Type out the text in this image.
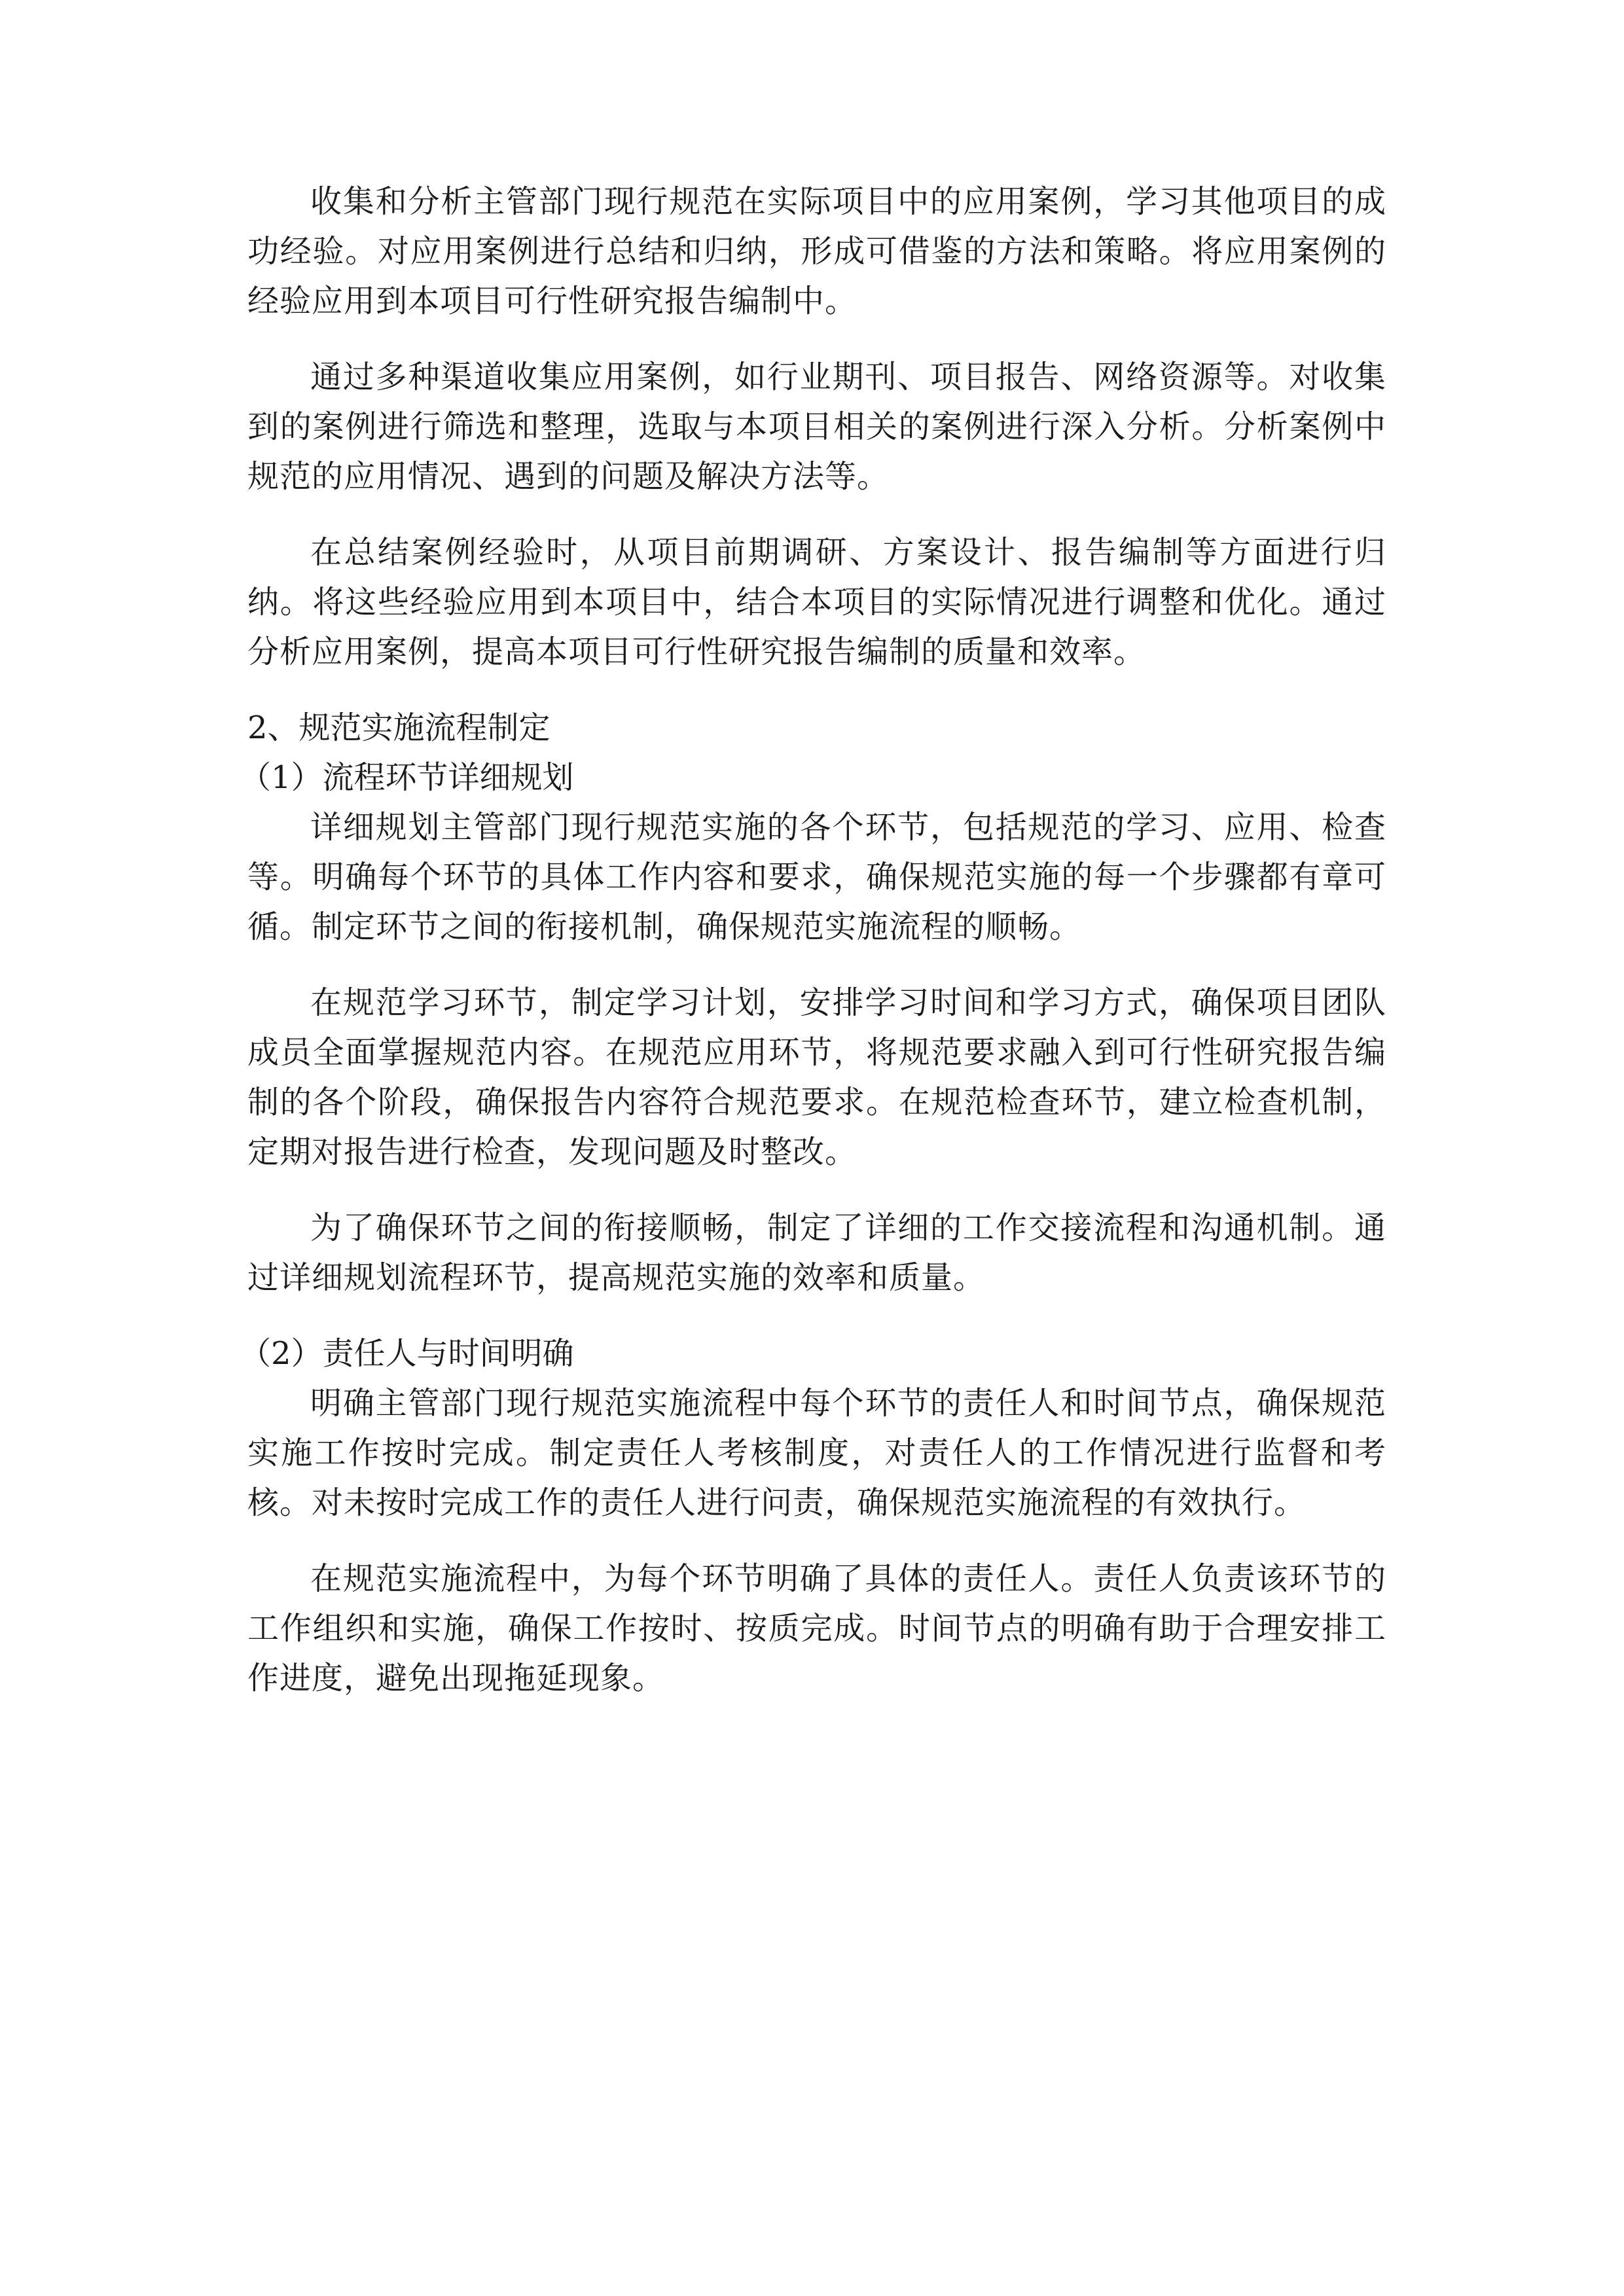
收集和分析主管部门现行规范在实际项目中的应用案例，学习其他项目的成功经验。对应用案例进行总结和归纳，形成可借鉴的方法和策略。将应用案例的经验应用到本项目可行性研究报告编制中。

通过多种渠道收集应用案例，如行业期刊、项目报告、网络资源等。对收集到的案例进行筛选和整理，选取与本项目相关的案例进行深入分析。分析案例中规范的应用情况、遇到的问题及解决方法等。

在总结案例经验时，从项目前期调研、方案设计、报告编制等方面进行归纳。将这些经验应用到本项目中，结合本项目的实际情况进行调整和优化。通过分析应用案例，提高本项目可行性研究报告编制的质量和效率。

2、规范实施流程制定

（1）流程环节详细规划

详细规划主管部门现行规范实施的各个环节，包括规范的学习、应用、检查等。明确每个环节的具体工作内容和要求，确保规范实施的每一个步骤都有章可循。制定环节之间的衔接机制，确保规范实施流程的顺畅。

在规范学习环节，制定学习计划，安排学习时间和学习方式，确保项目团队成员全面掌握规范内容。在规范应用环节，将规范要求融入到可行性研究报告编制的各个阶段，确保报告内容符合规范要求。在规范检查环节，建立检查机制，定期对报告进行检查，发现问题及时整改。

为了确保环节之间的衔接顺畅，制定了详细的工作交接流程和沟通机制。通过详细规划流程环节，提高规范实施的效率和质量。

（2）责任人与时间明确

明确主管部门现行规范实施流程中每个环节的责任人和时间节点，确保规范实施工作按时完成。制定责任人考核制度，对责任人的工作情况进行监督和考核。对未按时完成工作的责任人进行问责，确保规范实施流程的有效执行。

在规范实施流程中，为每个环节明确了具体的责任人。责任人负责该环节的工作组织和实施，确保工作按时、按质完成。时间节点的明确有助于合理安排工作进度，避免出现拖延现象。
